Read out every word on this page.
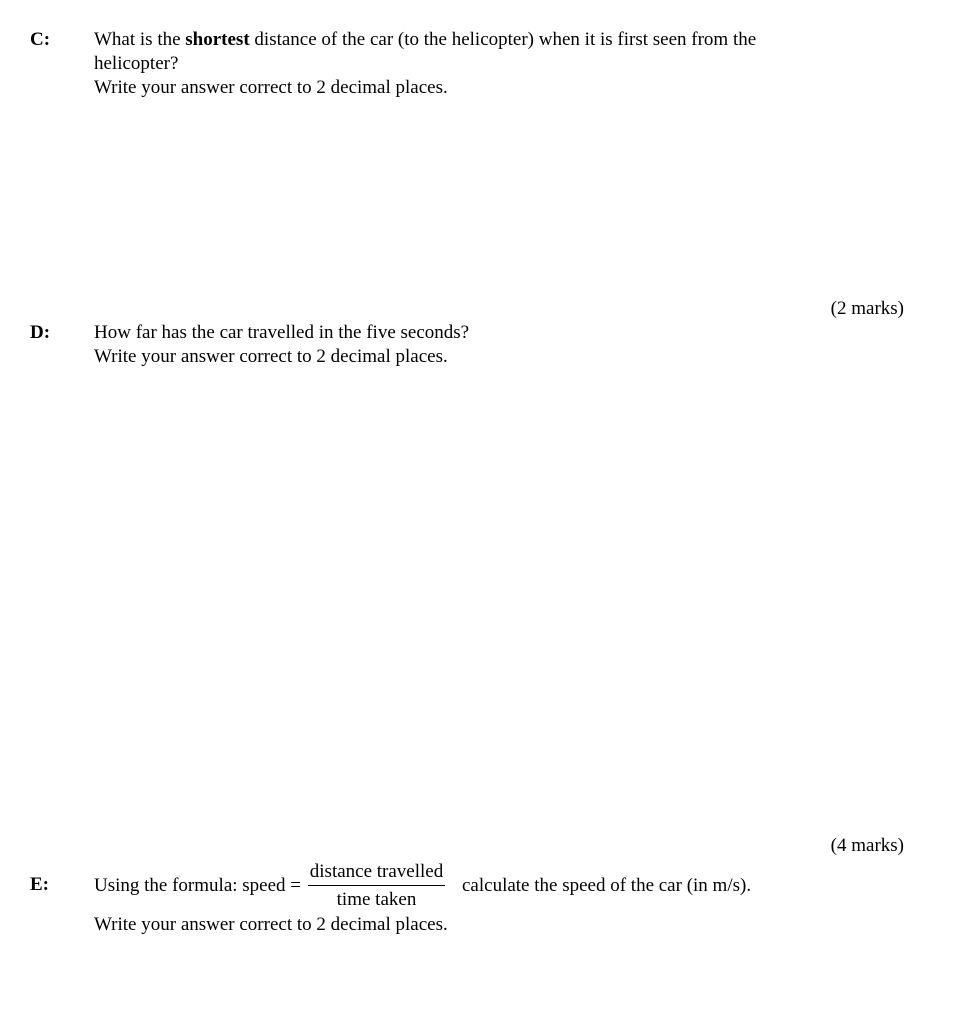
C: What is the shortest distance of the car (to the helicopter) when it is first seen from the
helicopter?
Write your answer correct to 2 decimal places.
(2 marks)
D: How far has the car travelled in the five seconds?
Write your answer correct to 2 decimal places.
(4 marks)
E: Using the formula: speed = $\frac{\text{distance travelled}}{\text{time taken}}$ calculate the speed of the car (in m/s).
Write your answer correct to 2 decimal places.
